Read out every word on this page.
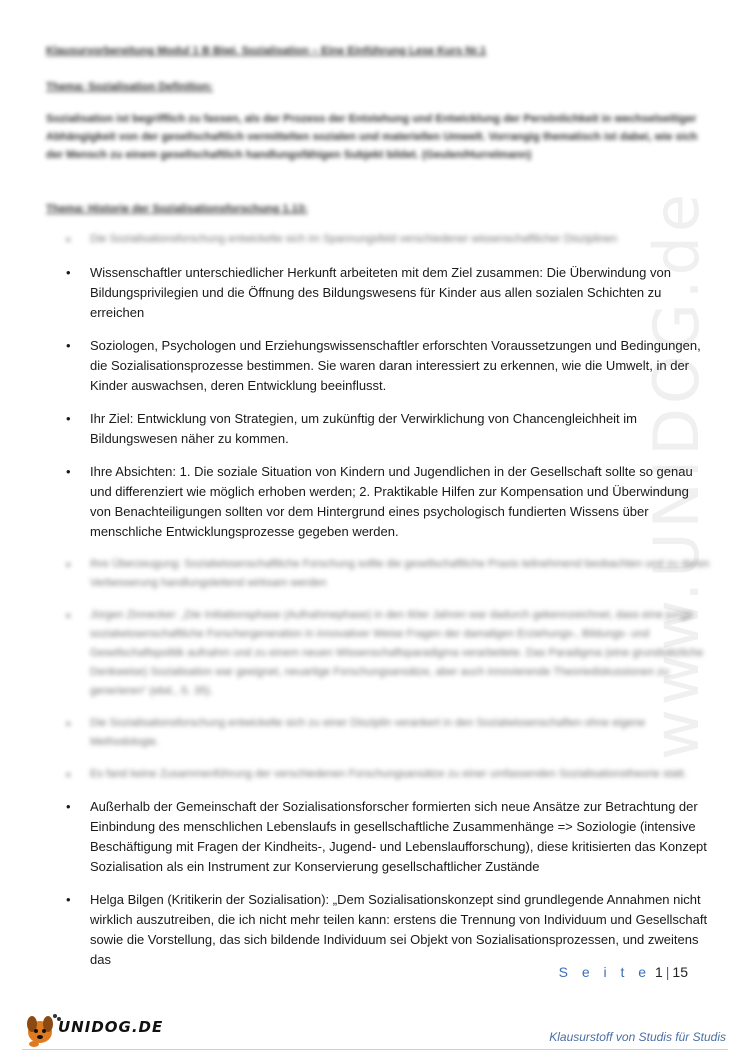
www.UNIDOG.de
Klausurvorbereitung Modul 1 B Biwi. Sozialisation – Eine Einführung Lese Kurs Nr.1
Thema: Sozialisation Definition:
Sozialisation ist begrifflich zu fassen, als der Prozess der Entstehung und Entwicklung der Persönlichkeit in wechselseitiger Abhängigkeit von der gesellschaftlich vermittelten sozialen und materiellen Umwelt. Vorrangig thematisch ist dabei, wie sich der Mensch zu einem gesellschaftlich handlungsfähigen Subjekt bildet. (Geulen/Hurrelmann)
Thema: Historie der Sozialisationsforschung 1.13:
• Die Sozialisationsforschung entwickelte sich im Spannungsfeld verschiedener wissenschaftlicher Disziplinen
• Wissenschaftler unterschiedlicher Herkunft arbeiteten mit dem Ziel zusammen: Die Überwindung von Bildungsprivilegien und die Öffnung des Bildungswesens für Kinder aus allen sozialen Schichten zu erreichen
• Soziologen, Psychologen und Erziehungswissenschaftler erforschten Voraussetzungen und Bedingungen, die Sozialisationsprozesse bestimmen. Sie waren daran interessiert zu erkennen, wie die Umwelt, in der Kinder auswachsen, deren Entwicklung beeinflusst.
• Ihr Ziel: Entwicklung von Strategien, um zukünftig der Verwirklichung von Chancengleichheit im Bildungswesen näher zu kommen.
• Ihre Absichten: 1. Die soziale Situation von Kindern und Jugendlichen in der Gesellschaft sollte so genau und differenziert wie möglich erhoben werden; 2. Praktikable Hilfen zur Kompensation und Überwindung von Benachteiligungen sollten vor dem Hintergrund eines psychologisch fundierten Wissens über menschliche Entwicklungsprozesse gegeben werden.
• Ihre Überzeugung: Sozialwissenschaftliche Forschung sollte die gesellschaftliche Praxis teilnehmend beobachten und zu deren Verbesserung handlungsleitend wirksam werden
• Jürgen Zinnecker: „Die Initiationsphase (Aufnahmephase) in den 60er Jahren war dadurch gekennzeichnet, dass eine junge sozialwissenschaftliche Forschergeneration in innovativer Weise Fragen der damaligen Erziehungs-, Bildungs- und Gesellschaftspolitik aufnahm und zu einem neuen Wissenschaftsparadigma verarbeitete. Das Paradigma (eine grundsätzliche Denkweise) Sozialisation war geeignet, neuartige Forschungsansätze, aber auch innovierende Theoriediskussionen zu generieren“ (ebd., S. 35).
• Die Sozialisationsforschung entwickelte sich zu einer Disziplin verankert in den Sozialwissenschaften ohne eigene Methodologie.
• Es fand keine Zusammenführung der verschiedenen Forschungsansätze zu einer umfassenden Sozialisationstheorie statt.
• Außerhalb der Gemeinschaft der Sozialisationsforscher formierten sich neue Ansätze zur Betrachtung der Einbindung des menschlichen Lebenslaufs in gesellschaftliche Zusammenhänge => Soziologie (intensive Beschäftigung mit Fragen der Kindheits-, Jugend- und Lebenslaufforschung), diese kritisierten das Konzept Sozialisation als ein Instrument zur Konservierung gesellschaftlicher Zustände
• Helga Bilgen (Kritikerin der Sozialisation): „Dem Sozialisationskonzept sind grundlegende Annahmen nicht wirklich auszutreiben, die ich nicht mehr teilen kann: erstens die Trennung von Individuum und Gesellschaft sowie die Vorstellung, das sich bildende Individuum sei Objekt von Sozialisationsprozessen, und zweitens das
S e i t e 1 | 15
UNIDOG.DE
Klausurstoff von Studis für Studis
